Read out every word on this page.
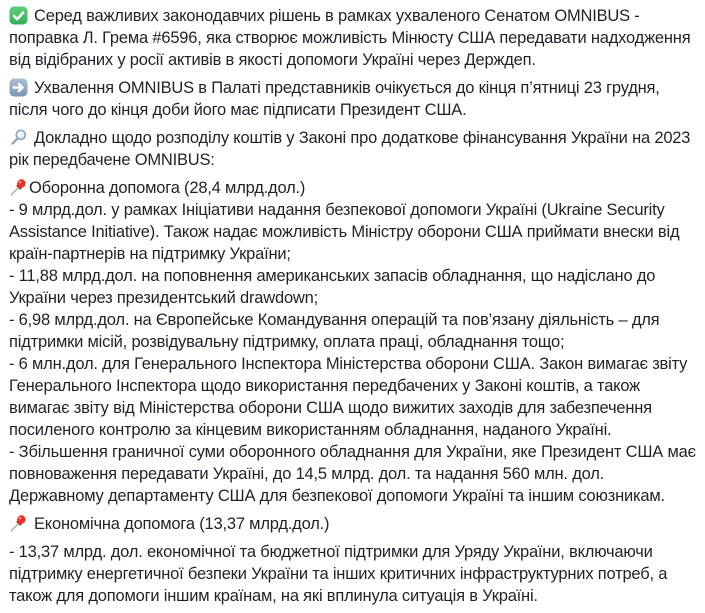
Серед важливих законодавчих рішень в рамках ухваленого Сенатом OMNIBUS - поправка Л. Грема #6596, яка створює можливість Мінюсту США передавати надходження від відібраних у росії активів в якості допомоги Україні через Держдеп.
Ухвалення OMNIBUS в Палаті представників очікується до кінця п’ятниці 23 грудня, після чого до кінця доби його має підписати Президент США.
Докладно щодо розподілу коштів у Законі про додаткове фінансування України на 2023 рік передбачене OMNIBUS:
Оборонна допомога (28,4 млрд.дол.)
- 9 млрд.дол. у рамках Ініціативи надання безпекової допомоги Україні (Ukraine Security Assistance Initiative). Також надає можливість Міністру оборони США приймати внески від країн-партнерів на підтримку України;
- 11,88 млрд.дол. на поповнення американських запасів обладнання, що надіслано до України через президентський drawdown;
- 6,98 млрд.дол. на Європейське Командування операцій та пов’язану діяльність – для підтримки місій, розвідувальну підтримку, оплата праці, обладнання тощо;
- 6 млн.дол. для Генерального Інспектора Міністерства оборони США. Закон вимагає звіту Генерального Інспектора щодо використання передбачених у Законі коштів, а також вимагає звіту від Міністерства оборони США щодо вижитих заходів для забезпечення посиленого контролю за кінцевим використанням обладнання, наданого Україні.
- Збільшення граничної суми оборонного обладнання для України, яке Президент США має повноваження передавати Україні, до 14,5 млрд. дол. та надання 560 млн. дол. Державному департаменту США для безпекової допомоги Україні та іншим союзникам.
Економічна допомога (13,37 млрд.дол.)
- 13,37 млрд. дол. економічної та бюджетної підтримки для Уряду України, включаючи підтримку енергетичної безпеки України та інших критичних інфраструктурних потреб, а також для допомоги іншим країнам, на які вплинула ситуація в Україні.
